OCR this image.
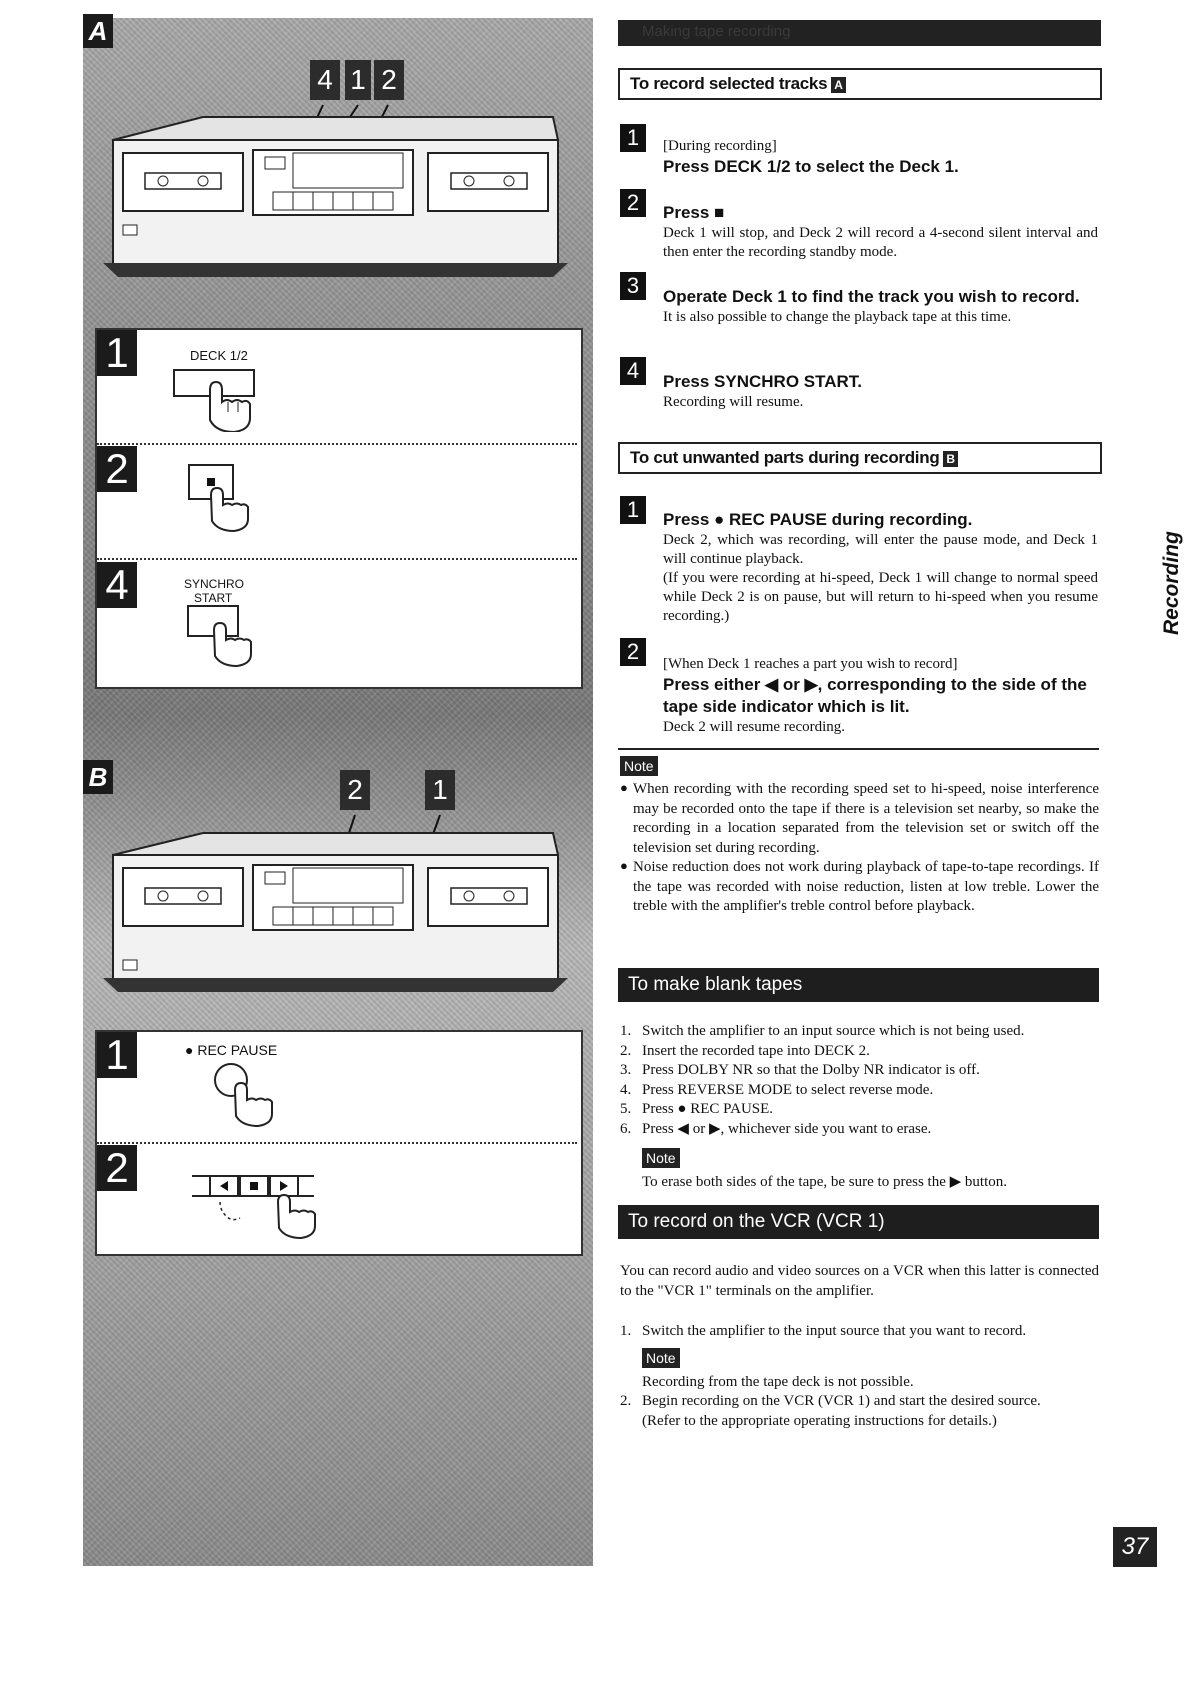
A
4 1 2
1	DECK 1/2
2
4	SYNCHRO
START
B	2 1
1	● REC PAUSE
2
Making tape recording
To record selected tracks A
1	[During recording]
Press DECK 1/2 to select the Deck 1.
2	Press ■
Deck 1 will stop, and Deck 2 will record a 4-second silent interval and then enter the recording standby mode.
3	Operate Deck 1 to find the track you wish to record.
It is also possible to change the playback tape at this time.
4	Press SYNCHRO START.
Recording will resume.
To cut unwanted parts during recording B
1	Press ● REC PAUSE during recording.
Deck 2, which was recording, will enter the pause mode, and Deck 1 will continue playback.
(If you were recording at hi-speed, Deck 1 will change to normal speed while Deck 2 is on pause, but will return to hi-speed when you resume recording.)
2	[When Deck 1 reaches a part you wish to record]
Press either ◀ or ▶, corresponding to the side of the tape side indicator which is lit.
Deck 2 will resume recording.
Note
● When recording with the recording speed set to hi-speed, noise interference may be recorded onto the tape if there is a television set nearby, so make the recording in a location separated from the television set or switch off the television set during recording.
● Noise reduction does not work during playback of tape-to-tape recordings. If the tape was recorded with noise reduction, listen at low treble. Lower the treble with the amplifier's treble control before playback.
To make blank tapes
1. Switch the amplifier to an input source which is not being used.
2. Insert the recorded tape into DECK 2.
3. Press DOLBY NR so that the Dolby NR indicator is off.
4. Press REVERSE MODE to select reverse mode.
5. Press ● REC PAUSE.
6. Press ◀ or ▶, whichever side you want to erase.
Note
To erase both sides of the tape, be sure to press the ▶ button.
To record on the VCR (VCR 1)
You can record audio and video sources on a VCR when this latter is connected to the "VCR 1" terminals on the amplifier.
1. Switch the amplifier to the input source that you want to record.
Note
Recording from the tape deck is not possible.
2. Begin recording on the VCR (VCR 1) and start the desired source.
(Refer to the appropriate operating instructions for details.)
Recording
37
